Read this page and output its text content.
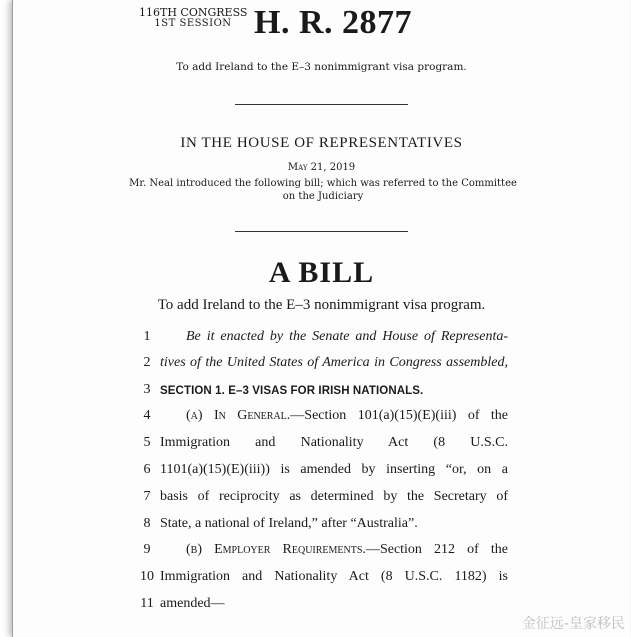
116TH CONGRESS
1ST SESSION H. R. 2877
To add Ireland to the E–3 nonimmigrant visa program.
IN THE HOUSE OF REPRESENTATIVES
May 21, 2019
Mr. Neal introduced the following bill; which was referred to the Committee on the Judiciary
A BILL
To add Ireland to the E–3 nonimmigrant visa program.
1	Be it enacted by the Senate and House of Representa-
2 tives of the United States of America in Congress assembled,
3 SECTION 1. E–3 VISAS FOR IRISH NATIONALS.
4	(a) In General.—Section 101(a)(15)(E)(iii) of the
5 Immigration and Nationality Act (8 U.S.C.
6 1101(a)(15)(E)(iii)) is amended by inserting “or, on a
7 basis of reciprocity as determined by the Secretary of
8 State, a national of Ireland,” after “Australia”.
9	(b) Employer Requirements.—Section 212 of the
10 Immigration and Nationality Act (8 U.S.C. 1182) is
11 amended—
金征远-皇家移民
